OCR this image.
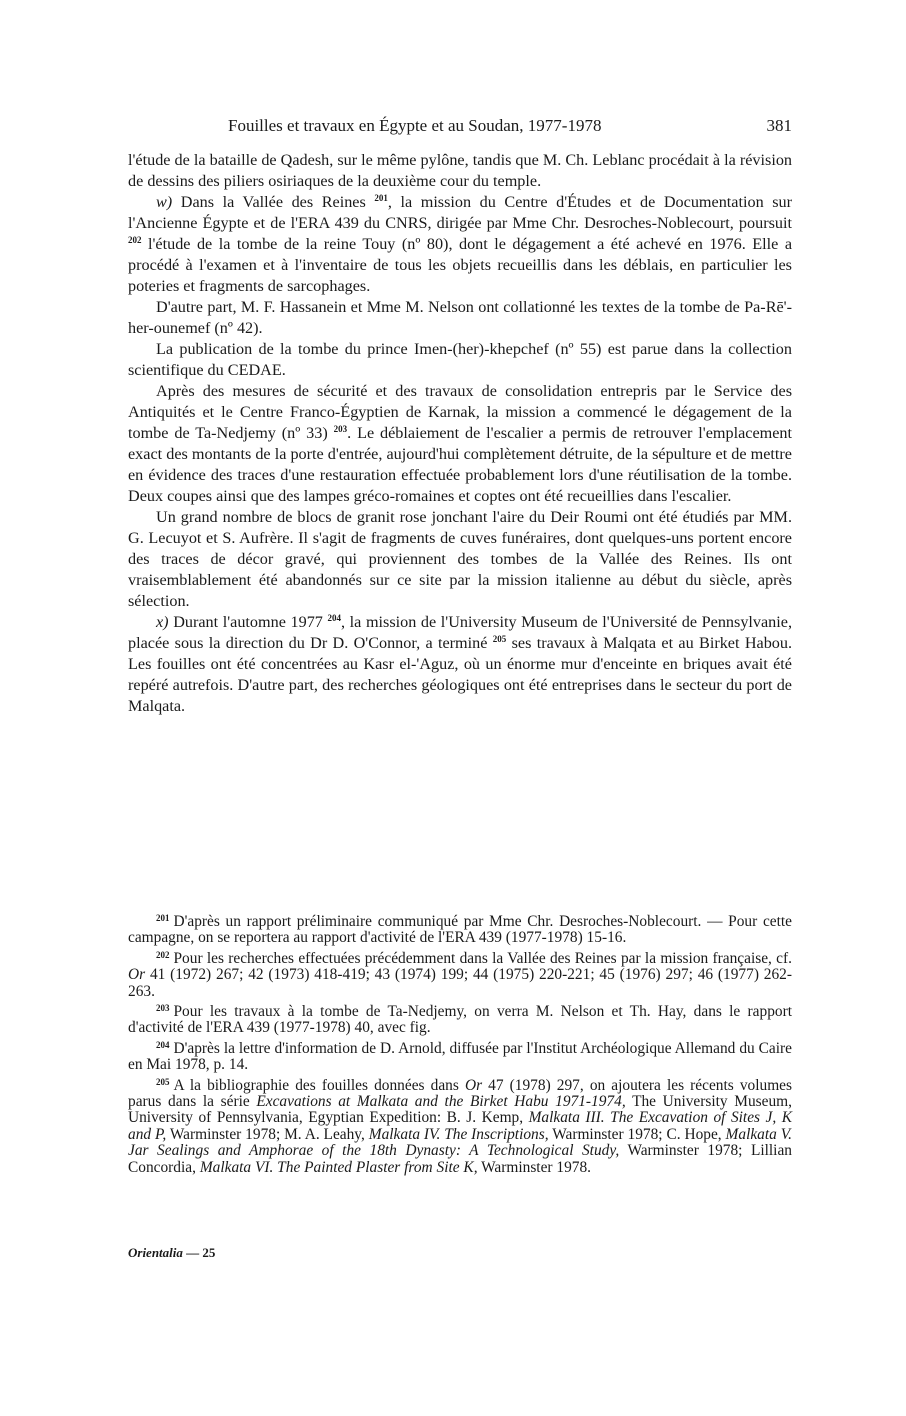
Fouilles et travaux en Égypte et au Soudan, 1977-1978	381

l'étude de la bataille de Qadesh, sur le même pylône, tandis que M. Ch. Leblanc procédait à la révision de dessins des piliers osiriaques de la deuxième cour du temple.

w) Dans la Vallée des Reines $^{201}$, la mission du Centre d'Études et de Documentation sur l'Ancienne Égypte et de l'ERA 439 du CNRS, dirigée par Mme Chr. Desroches-Noblecourt, poursuit $^{202}$ l'étude de la tombe de la reine Touy (nº 80), dont le dégagement a été achevé en 1976. Elle a procédé à l'examen et à l'inventaire de tous les objets recueillis dans les déblais, en particulier les poteries et fragments de sarcophages.

D'autre part, M. F. Hassanein et Mme M. Nelson ont collationné les textes de la tombe de Pa-Rē'-her-ounemef (nº 42).

La publication de la tombe du prince Imen-(her)-khepchef (nº 55) est parue dans la collection scientifique du CEDAE.

Après des mesures de sécurité et des travaux de consolidation entrepris par le Service des Antiquités et le Centre Franco-Égyptien de Karnak, la mission a commencé le dégagement de la tombe de Ta-Nedjemy (nº 33) $^{203}$. Le déblaiement de l'escalier a permis de retrouver l'emplacement exact des montants de la porte d'entrée, aujourd'hui complètement détruite, de la sépulture et de mettre en évidence des traces d'une restauration effectuée probablement lors d'une réutilisation de la tombe. Deux coupes ainsi que des lampes gréco-romaines et coptes ont été recueillies dans l'escalier.

Un grand nombre de blocs de granit rose jonchant l'aire du Deir Roumi ont été étudiés par MM. G. Lecuyot et S. Aufrère. Il s'agit de fragments de cuves funéraires, dont quelques-uns portent encore des traces de décor gravé, qui proviennent des tombes de la Vallée des Reines. Ils ont vraisemblablement été abandonnés sur ce site par la mission italienne au début du siècle, après sélection.

x) Durant l'automne 1977 $^{204}$, la mission de l'University Museum de l'Université de Pennsylvanie, placée sous la direction du Dr D. O'Connor, a terminé $^{205}$ ses travaux à Malqata et au Birket Habou. Les fouilles ont été concentrées au Kasr el-'Aguz, où un énorme mur d'enceinte en briques avait été repéré autrefois. D'autre part, des recherches géologiques ont été entreprises dans le secteur du port de Malqata.

$^{201}$ D'après un rapport préliminaire communiqué par Mme Chr. Desroches-Noblecourt. — Pour cette campagne, on se reportera au rapport d'activité de l'ERA 439 (1977-1978) 15-16.

$^{202}$ Pour les recherches effectuées précédemment dans la Vallée des Reines par la mission française, cf. Or 41 (1972) 267; 42 (1973) 418-419; 43 (1974) 199; 44 (1975) 220-221; 45 (1976) 297; 46 (1977) 262-263.

$^{203}$ Pour les travaux à la tombe de Ta-Nedjemy, on verra M. Nelson et Th. Hay, dans le rapport d'activité de l'ERA 439 (1977-1978) 40, avec fig.

$^{204}$ D'après la lettre d'information de D. Arnold, diffusée par l'Institut Archéologique Allemand du Caire en Mai 1978, p. 14.

$^{205}$ A la bibliographie des fouilles données dans Or 47 (1978) 297, on ajoutera les récents volumes parus dans la série Excavations at Malkata and the Birket Habu 1971-1974, The University Museum, University of Pennsylvania, Egyptian Expedition: B. J. Kemp, Malkata III. The Excavation of Sites J, K and P, Warminster 1978; M. A. Leahy, Malkata IV. The Inscriptions, Warminster 1978; C. Hope, Malkata V. Jar Sealings and Amphorae of the 18th Dynasty: A Technological Study, Warminster 1978; Lillian Concordia, Malkata VI. The Painted Plaster from Site K, Warminster 1978.

Orientalia — 25
